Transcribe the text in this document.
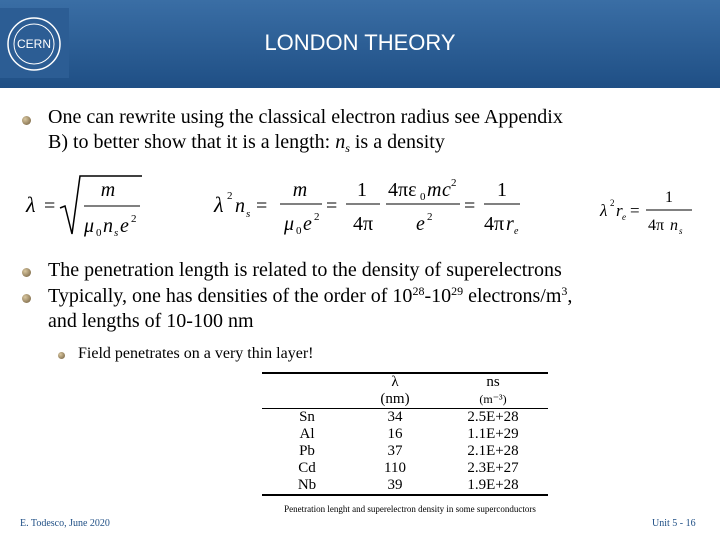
CERN	LONDON THEORY
One can rewrite using the classical electron radius see Appendix
B) to better show that it is a length: $n_s$ is a density
λ =
m
μ 0 n s e 2
λ 2 n s =
m
μ 0 e 2 =
1
4π
4πε 0 m c 2
e 2 =
1
4π r e
λ 2 r e =
1
4π n s
The penetration length is related to the density of superelectrons
Typically, one has densities of the order of $10^{28}-10^{29}$ electrons/$m^3$,
and lengths of 10-100 nm
Field penetrates on a very thin layer!
	λ	ns
	(nm)	(m⁻³)
Sn	34	2.5E+28
Al	16	1.1E+29
Pb	37	2.1E+28
Cd	110	2.3E+27
Nb	39	1.9E+28
Penetration lenght and superelectron density in some superconductors
E. Todesco, June 2020	Unit 5 - 16
